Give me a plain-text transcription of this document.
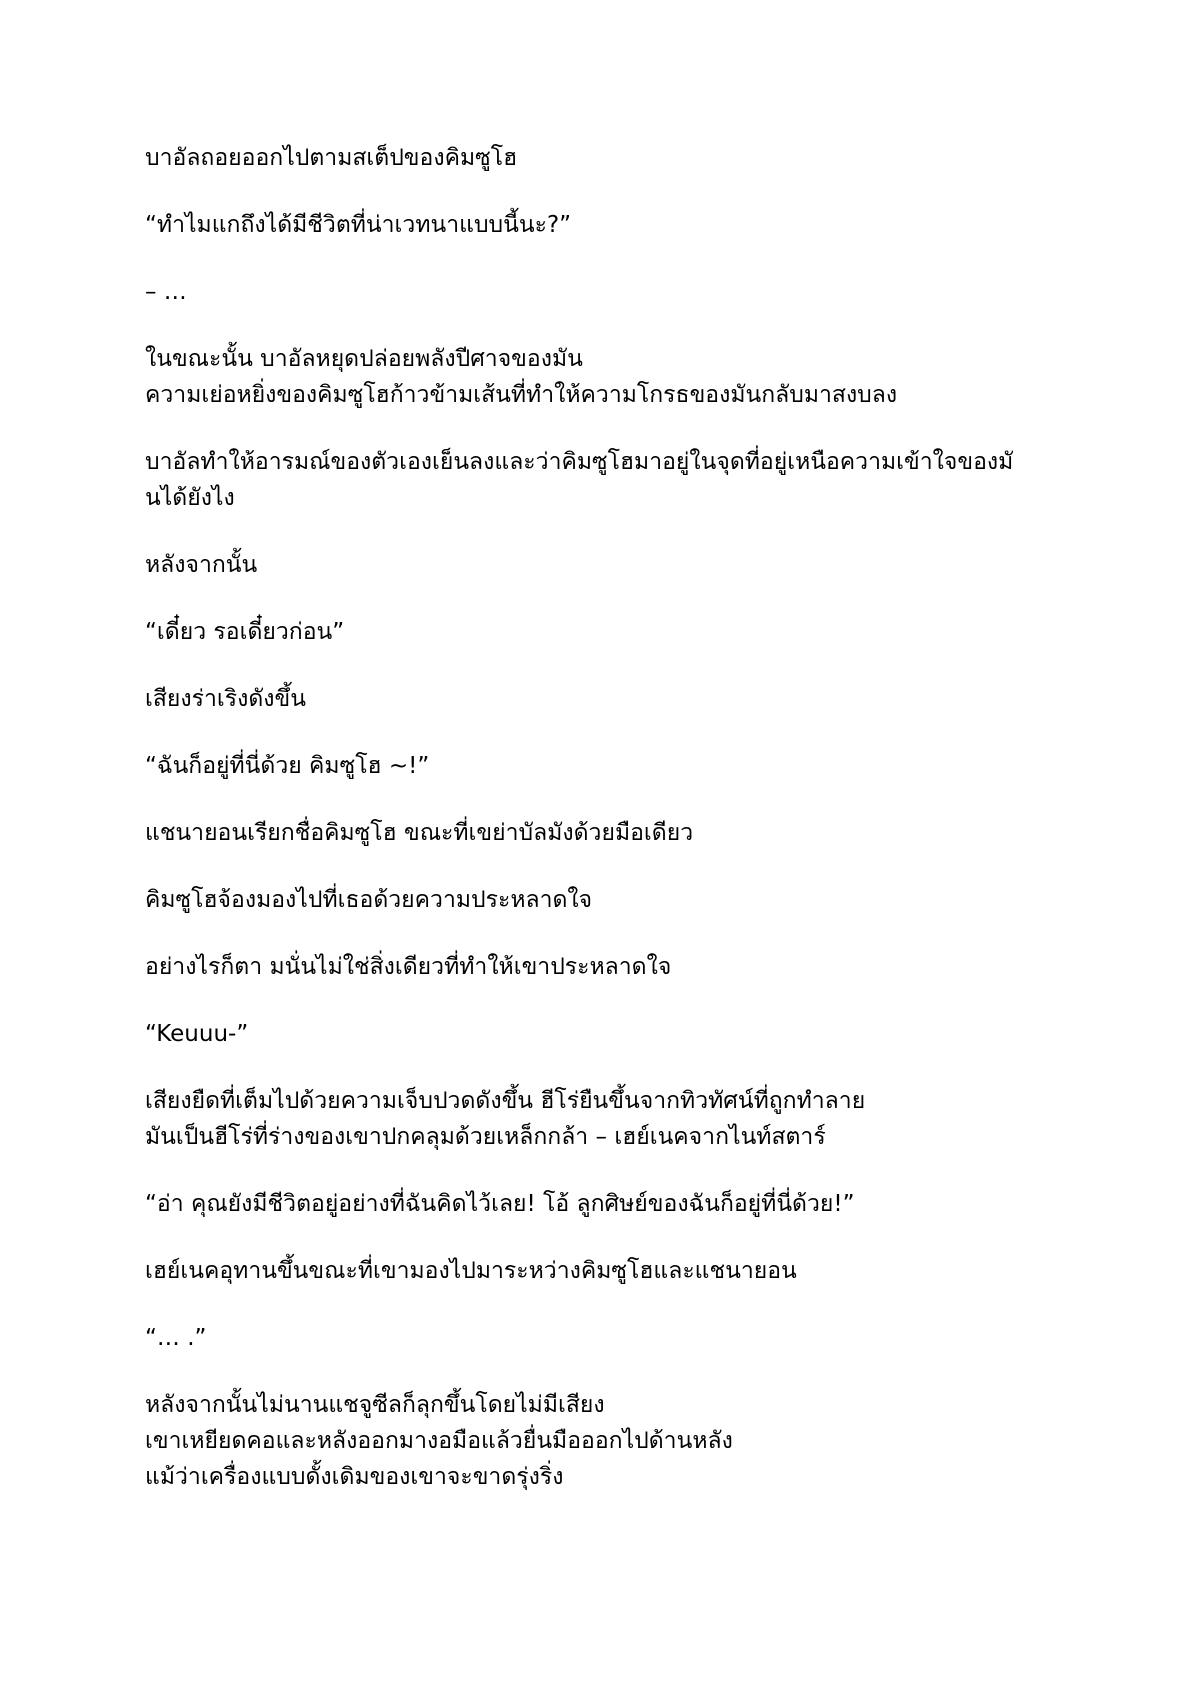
บาอัลถอยออกไปตามสเต็ปของคิมซูโฮ

“ทำไมแกถึงได้มีชีวิตที่น่าเวทนาแบบนี้นะ?”

– …

ในขณะนั้น บาอัลหยุดปล่อยพลังปีศาจของมัน
ความเย่อหยิ่งของคิมซูโฮก้าวข้ามเส้นที่ทำให้ความโกรธของมันกลับมาสงบลง

บาอัลทำให้อารมณ์ของตัวเองเย็นลงและว่าคิมซูโฮมาอยู่ในจุดที่อยู่เหนือความเข้าใจของมั
นได้ยังไง

หลังจากนั้น

“เดี๋ยว รอเดี๋ยวก่อน”

เสียงร่าเริงดังขึ้น

“ฉันก็อยู่ที่นี่ด้วย คิมซูโฮ ~!”

แชนายอนเรียกชื่อคิมซูโฮ ขณะที่เขย่าบัลมังด้วยมือเดียว

คิมซูโฮจ้องมองไปที่เธอด้วยความประหลาดใจ

อย่างไรก็ตา มนั่นไม่ใช่สิ่งเดียวที่ทำให้เขาประหลาดใจ

“Keuuu-”

เสียงยืดที่เต็มไปด้วยความเจ็บปวดดังขึ้น ฮีโร่ยืนขึ้นจากทิวทัศน์ที่ถูกทำลาย
มันเป็นฮีโร่ที่ร่างของเขาปกคลุมด้วยเหล็กกล้า – เฮย์เนคจากไนท์สตาร์

“อ่า คุณยังมีชีวิตอยู่อย่างที่ฉันคิดไว้เลย! โอ้ ลูกศิษย์ของฉันก็อยู่ที่นี่ด้วย!”

เฮย์เนคอุทานขึ้นขณะที่เขามองไปมาระหว่างคิมซูโฮและแชนายอน

“… .”

หลังจากนั้นไม่นานแชจูซีลก็ลุกขึ้นโดยไม่มีเสียง
เขาเหยียดคอและหลังออกมางอมือแล้วยื่นมือออกไปด้านหลัง
แม้ว่าเครื่องแบบดั้งเดิมของเขาจะขาดรุ่งริ่ง
